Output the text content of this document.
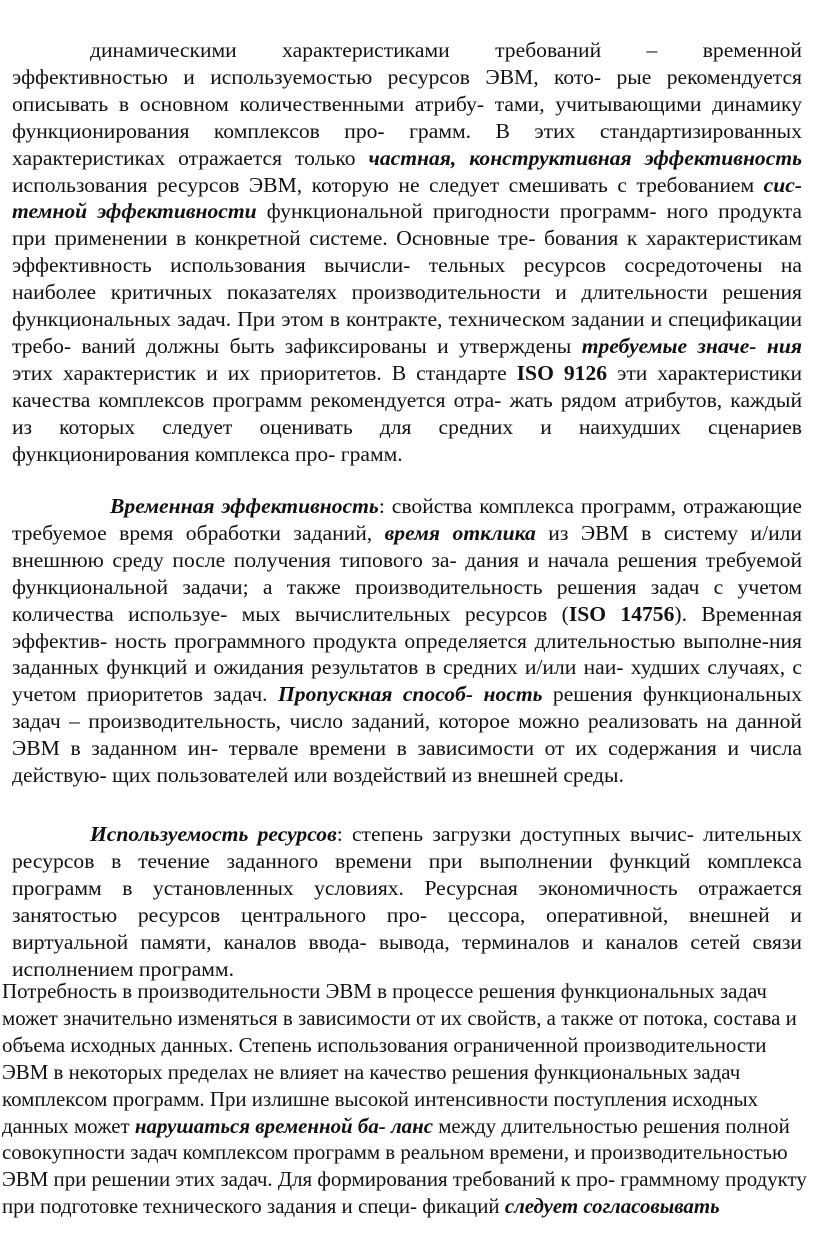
динамическими характеристиками требований – временной эффективностью и используемостью ресурсов ЭВМ, кото- рые рекомендуется описывать в основном количественными атрибу- тами, учитывающими динамику функционирования комплексов про- грамм. В этих стандартизированных характеристиках отражается только частная, конструктивная эффективность использования ресурсов ЭВМ, которую не следует смешивать с требованием сис- темной эффективности функциональной пригодности программ- ного продукта при применении в конкретной системе. Основные тре- бования к характеристикам эффективность использования вычисли- тельных ресурсов сосредоточены на наиболее критичных показателях производительности и длительности решения функциональных задач. При этом в контракте, техническом задании и спецификации требо- ваний должны быть зафиксированы и утверждены требуемые значе- ния этих характеристик и их приоритетов. В стандарте ISO 9126 эти характеристики качества комплексов программ рекомендуется отра- жать рядом атрибутов, каждый из которых следует оценивать для средних и наихудших сценариев функционирования комплекса про- грамм.
Временная эффективность: свойства комплекса программ, отражающие требуемое время обработки заданий, время отклика из ЭВМ в систему и/или внешнюю среду после получения типового за- дания и начала решения требуемой функциональной задачи; а также производительность решения задач с учетом количества используе- мых вычислительных ресурсов (ISO 14756). Временная эффектив- ность программного продукта определяется длительностью выполне-ния заданных функций и ожидания результатов в средних и/или наи- худших случаях, с учетом приоритетов задач. Пропускная способ- ность решения функциональных задач – производительность, число заданий, которое можно реализовать на данной ЭВМ в заданном ин- тервале времени в зависимости от их содержания и числа действую- щих пользователей или воздействий из внешней среды.
Используемость ресурсов: степень загрузки доступных вычис- лительных ресурсов в течение заданного времени при выполнении функций комплекса программ в установленных условиях. Ресурсная экономичность отражается занятостью ресурсов центрального про- цессора, оперативной, внешней и виртуальной памяти, каналов ввода- вывода, терминалов и каналов сетей связи исполнением программ.
Потребность в производительности ЭВМ в процессе решения функциональных задач может значительно изменяться в зависимости от их свойств, а также от потока, состава и объема исходных данных. Степень использования ограниченной производительности ЭВМ в некоторых пределах не влияет на качество решения функциональных задач комплексом программ. При излишне высокой интенсивности поступления исходных данных может нарушаться временной ба- ланс между длительностью решения полной совокупности задач комплексом программ в реальном времени, и производительностью ЭВМ при решении этих задач. Для формирования требований к про- граммному продукту при подготовке технического задания и специ- фикаций следует согласовывать
